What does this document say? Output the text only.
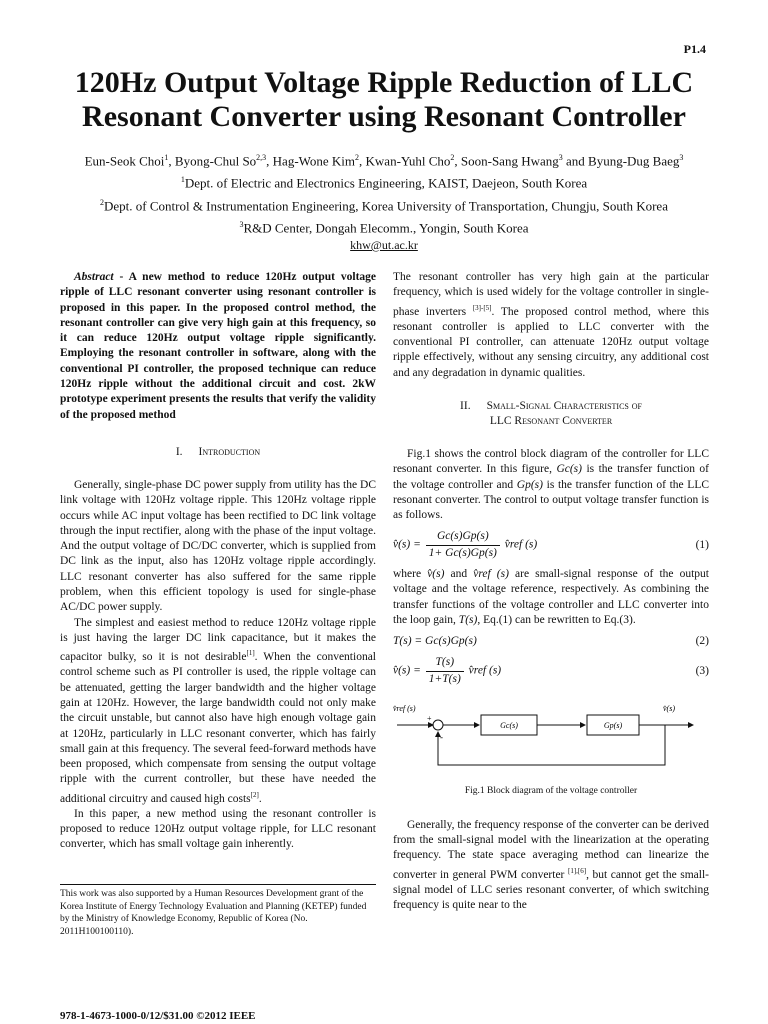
P1.4
120Hz Output Voltage Ripple Reduction of LLC Resonant Converter using Resonant Controller
Eun-Seok Choi$^1$, Byong-Chul So$^{2,3}$, Hag-Wone Kim$^2$, Kwan-Yuhl Cho$^2$, Soon-Sang Hwang$^3$ and Byung-Dug Baeg$^3$
$^1$Dept. of Electric and Electronics Engineering, KAIST, Daejeon, South Korea
$^2$Dept. of Control & Instrumentation Engineering, Korea University of Transportation, Chungju, South Korea
$^3$R&D Center, Dongah Elecomm., Yongin, South Korea
khw@ut.ac.kr

Abstract - A new method to reduce 120Hz output voltage ripple of LLC resonant converter using resonant controller is proposed in this paper. In the proposed control method, the resonant controller can give very high gain at this frequency, so it can reduce 120Hz output voltage ripple significantly. Employing the resonant controller in software, along with the conventional PI controller, the proposed technique can reduce 120Hz ripple without the additional circuit and cost. 2kW prototype experiment presents the results that verify the validity of the proposed method

I. Introduction

Generally, single-phase DC power supply from utility has the DC link voltage with 120Hz voltage ripple. This 120Hz voltage ripple occurs while AC input voltage has been rectified to DC link voltage through the input rectifier, along with the phase of the input voltage. And the output voltage of DC/DC converter, which is supplied from DC link as the input, also has 120Hz voltage ripple accordingly. LLC resonant converter has also suffered for the same ripple problem, when this efficient topology is used for single-phase AC/DC power supply.

The simplest and easiest method to reduce 120Hz voltage ripple is just having the larger DC link capacitance, but it makes the capacitor bulky, so it is not desirable[1]. When the conventional control scheme such as PI controller is used, the ripple voltage can be attenuated, getting the larger bandwidth and the higher voltage gain at 120Hz. However, the large bandwidth could not only make the circuit unstable, but cannot also have high enough voltage gain at 120Hz, particularly in LLC resonant converter, which has fairly small gain at this frequency. The several feed-forward methods have been proposed, which compensate from sensing the output voltage ripple with the current controller, but these have needed the additional circuitry and caused high costs[2].

In this paper, a new method using the resonant controller is proposed to reduce 120Hz output voltage ripple, for LLC resonant converter, which has small voltage gain inherently.

This work was also supported by a Human Resources Development grant of the Korea Institute of Energy Technology Evaluation and Planning (KETEP) funded by the Ministry of Knowledge Economy, Republic of Korea (No. 2011H100100110).
978-1-4673-1000-0/12/$31.00 ©2012 IEEE

The resonant controller has very high gain at the particular frequency, which is used widely for the voltage controller in single-phase inverters [3]-[5]. The proposed control method, where this resonant controller is applied to LLC converter with the conventional PI controller, can attenuate 120Hz output voltage ripple effectively, without any sensing circuitry, any additional cost and any degradation in dynamic qualities.

II. Small-Signal Characteristics of
LLC Resonant Converter

Fig.1 shows the control block diagram of the controller for LLC resonant converter. In this figure, Gc(s) is the transfer function of the voltage controller and Gp(s) is the transfer function of the LLC resonant converter. The control to output voltage transfer function is as follows.

v̂(s) = $\frac{Gc(s)Gp(s)}{1+ Gc(s)Gp(s)}$ v̂ref (s)	(1)

where v̂(s) and v̂ref (s) are small-signal response of the output voltage and the voltage reference, respectively. As combining the transfer functions of the voltage controller and LLC converter into the loop gain, T(s), Eq.(1) can be rewritten to Eq.(3).

T(s) = Gc(s)Gp(s)	(2)
v̂(s) = $\frac{T(s)}{1+T(s)}$ v̂ref (s)	(3)
v̂ref (s)	v̂(s)
+
-
Gc(s)	Gp(s)
Fig.1 Block diagram of the voltage controller

Generally, the frequency response of the converter can be derived from the small-signal model with the linearization at the operating frequency. The state space averaging method can linearize the converter in general PWM converter [1],[6], but cannot get the small-signal model of LLC series resonant converter, of which switching frequency is quite near to the
